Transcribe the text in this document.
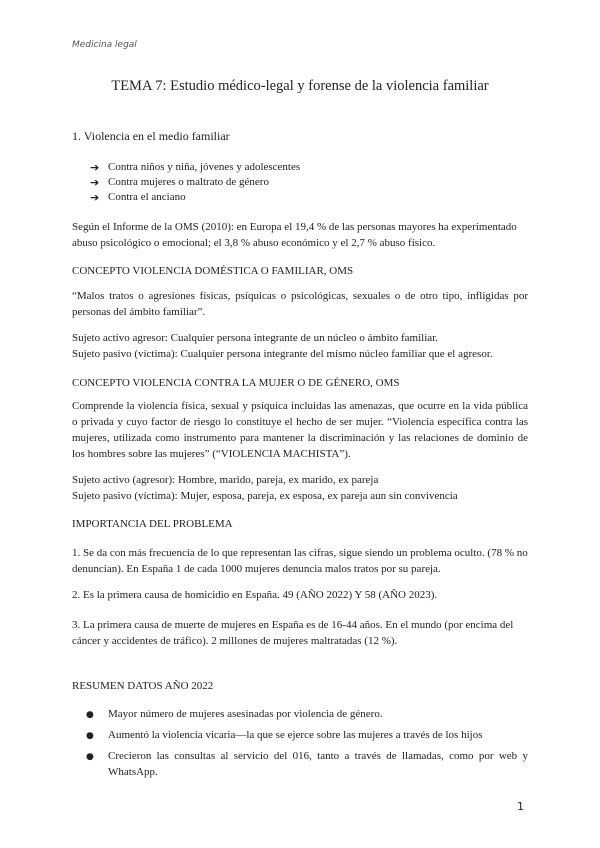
Medicina legal
TEMA 7: Estudio médico-legal y forense de la violencia familiar
1. Violencia en el medio familiar
➔ Contra niños y niña, jóvenes y adolescentes
➔ Contra mujeres o maltrato de género
➔ Contra el anciano
Según el Informe de la OMS (2010): en Europa el 19,4 % de las personas mayores ha experimentado abuso psicológico o emocional; el 3,8 % abuso económico y el 2,7 % abuso físico.
CONCEPTO VIOLENCIA DOMÉSTICA O FAMILIAR, OMS
“Malos tratos o agresiones físicas, psíquicas o psicológicas, sexuales o de otro tipo, infligidas por personas del ámbito familiar”.
Sujeto activo agresor: Cualquier persona integrante de un núcleo o ámbito familiar.
Sujeto pasivo (víctima): Cualquier persona integrante del mismo núcleo familiar que el agresor.
CONCEPTO VIOLENCIA CONTRA LA MUJER O DE GÉNERO, OMS
Comprende la violencia física, sexual y psíquica incluidas las amenazas, que ocurre en la vida pública o privada y cuyo factor de riesgo lo constituye el hecho de ser mujer. “Violencia específica contra las mujeres, utilizada como instrumento para mantener la discriminación y las relaciones de dominio de los hombres sobre las mujeres” (“VIOLENCIA MACHISTA”).
Sujeto activo (agresor): Hombre, marido, pareja, ex marido, ex pareja
Sujeto pasivo (víctima): Mujer, esposa, pareja, ex esposa, ex pareja aun sin convivencia
IMPORTANCIA DEL PROBLEMA
1. Se da con más frecuencia de lo que representan las cifras, sigue siendo un problema oculto. (78 % no denuncian). En España 1 de cada 1000 mujeres denuncia malos tratos por su pareja.
2. Es la primera causa de homicidio en España. 49 (AÑO 2022) Y 58 (AÑO 2023).
3. La primera causa de muerte de mujeres en España es de 16-44 años. En el mundo (por encima del cáncer y accidentes de tráfico). 2 millones de mujeres maltratadas (12 %).
RESUMEN DATOS AÑO 2022
●	Mayor número de mujeres asesinadas por violencia de género.
●	Aumentó la violencia vicaria—la que se ejerce sobre las mujeres a través de los hijos
●	Crecieron las consultas al servicio del 016, tanto a través de llamadas, como por web y WhatsApp.
1
